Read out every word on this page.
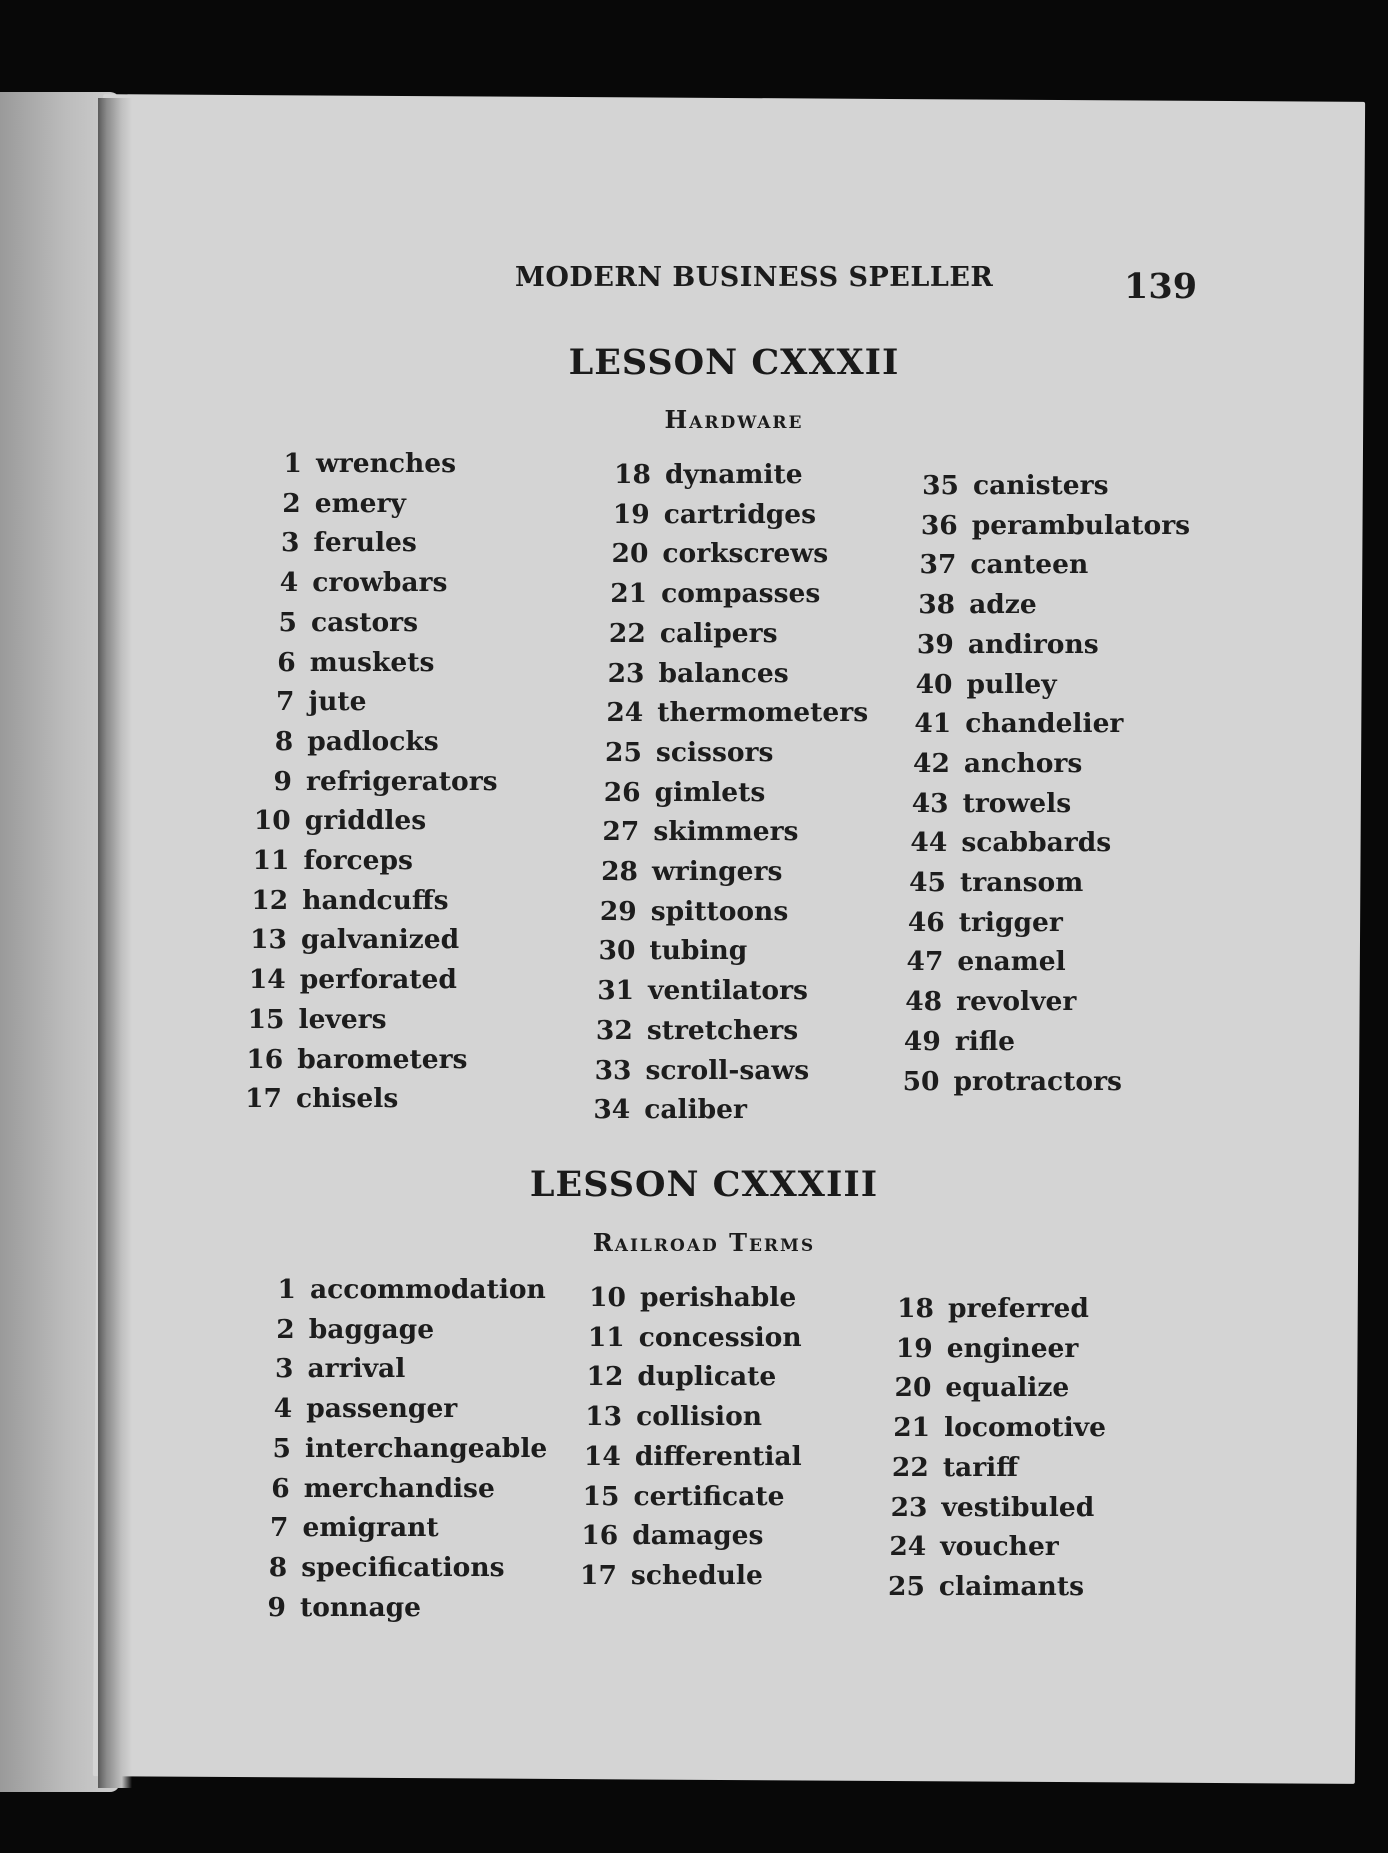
MODERN BUSINESS SPELLER	139
LESSON CXXXII
Hardware
1 wrenches
2 emery
3 ferules
4 crowbars
5 castors
6 muskets
7 jute
8 padlocks
9 refrigerators
10 griddles
11 forceps
12 handcuffs
13 galvanized
14 perforated
15 levers
16 barometers
17 chisels
18 dynamite
19 cartridges
20 corkscrews
21 compasses
22 calipers
23 balances
24 thermometers
25 scissors
26 gimlets
27 skimmers
28 wringers
29 spittoons
30 tubing
31 ventilators
32 stretchers
33 scroll-saws
34 caliber
35 canisters
36 perambulators
37 canteen
38 adze
39 andirons
40 pulley
41 chandelier
42 anchors
43 trowels
44 scabbards
45 transom
46 trigger
47 enamel
48 revolver
49 rifle
50 protractors
LESSON CXXXIII
Railroad Terms
1 accommodation
2 baggage
3 arrival
4 passenger
5 interchangeable
6 merchandise
7 emigrant
8 specifications
9 tonnage
10 perishable
11 concession
12 duplicate
13 collision
14 differential
15 certificate
16 damages
17 schedule
18 preferred
19 engineer
20 equalize
21 locomotive
22 tariff
23 vestibuled
24 voucher
25 claimants
